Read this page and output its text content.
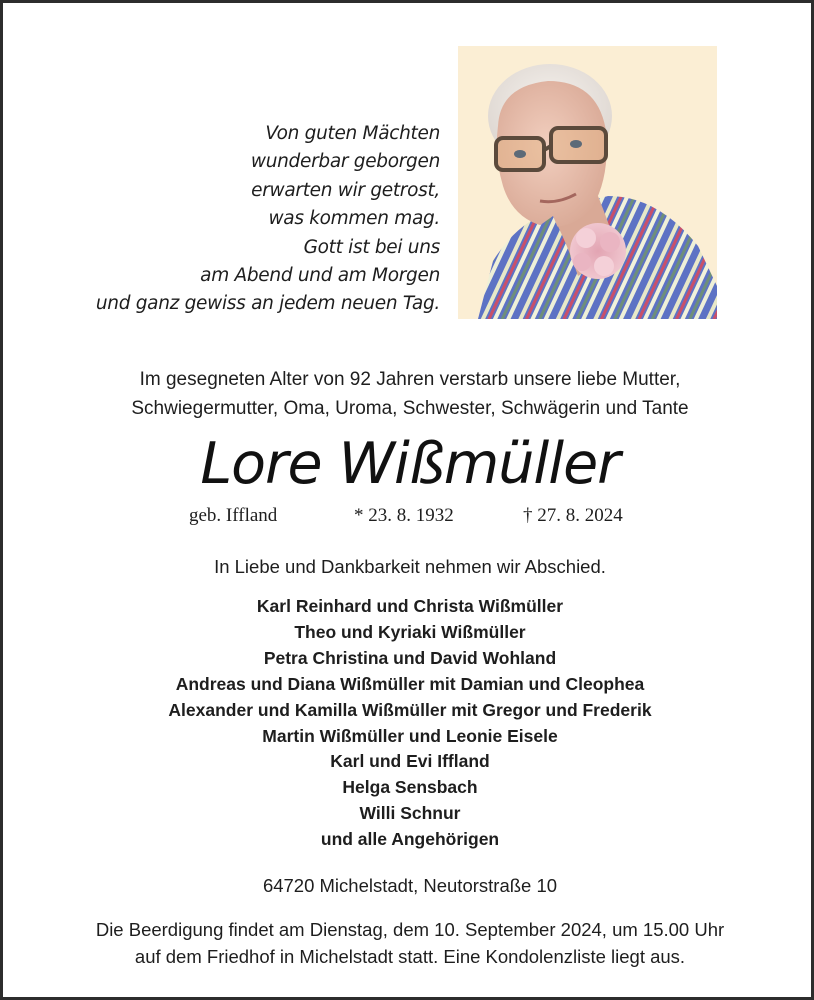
Von guten Mächten
wunderbar geborgen
erwarten wir getrost,
was kommen mag.
Gott ist bei uns
am Abend und am Morgen
und ganz gewiss an jedem neuen Tag.
Im gesegneten Alter von 92 Jahren verstarb unsere liebe Mutter,
Schwiegermutter, Oma, Uroma, Schwester, Schwägerin und Tante
Lore Wißmüller
geb. Iffland	* 23. 8. 1932	† 27. 8. 2024
In Liebe und Dankbarkeit nehmen wir Abschied.
Karl Reinhard und Christa Wißmüller
Theo und Kyriaki Wißmüller
Petra Christina und David Wohland
Andreas und Diana Wißmüller mit Damian und Cleophea
Alexander und Kamilla Wißmüller mit Gregor und Frederik
Martin Wißmüller und Leonie Eisele
Karl und Evi Iffland
Helga Sensbach
Willi Schnur
und alle Angehörigen
64720 Michelstadt, Neutorstraße 10
Die Beerdigung findet am Dienstag, dem 10. September 2024, um 15.00 Uhr
auf dem Friedhof in Michelstadt statt. Eine Kondolenzliste liegt aus.
